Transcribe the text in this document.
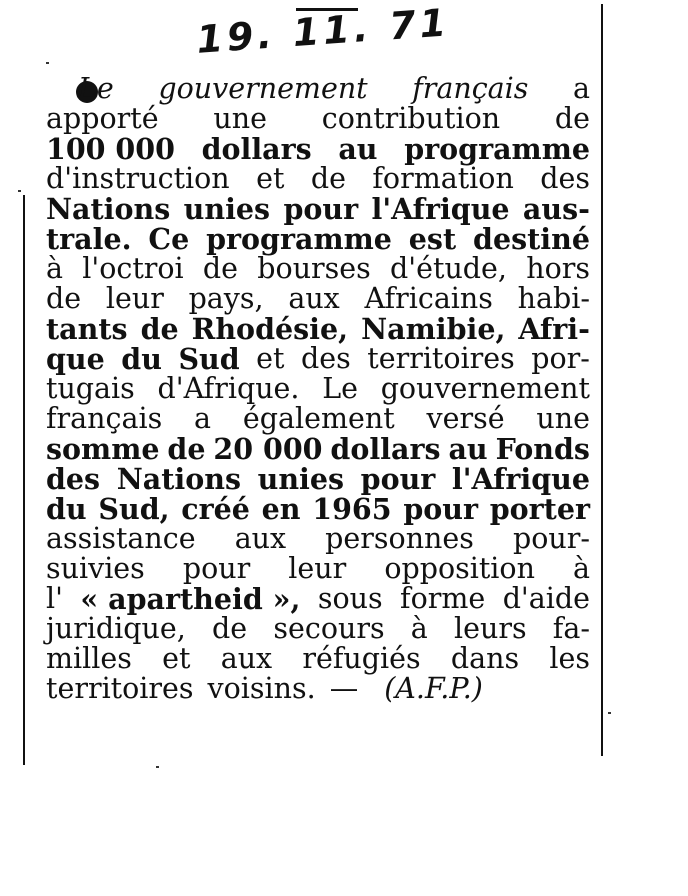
19. 11. 71
Le gouvernement français a
apporté une contribution de
100 000 dollars au programme
d'instruction et de formation des
Nations unies pour l'Afrique aus-
trale. Ce programme est destiné
à l'octroi de bourses d'étude, hors
de leur pays, aux Africains habi-
tants de Rhodésie, Namibie, Afri-
que du Sud et des territoires por-
tugais d'Afrique. Le gouvernement
français a également versé une
somme de 20 000 dollars au Fonds
des Nations unies pour l'Afrique
du Sud, créé en 1965 pour porter
assistance aux personnes pour-
suivies pour leur opposition à
l' « apartheid », sous forme d'aide
juridique, de secours à leurs fa-
milles et aux réfugiés dans les
territoires voisins. — (A.F.P.)
